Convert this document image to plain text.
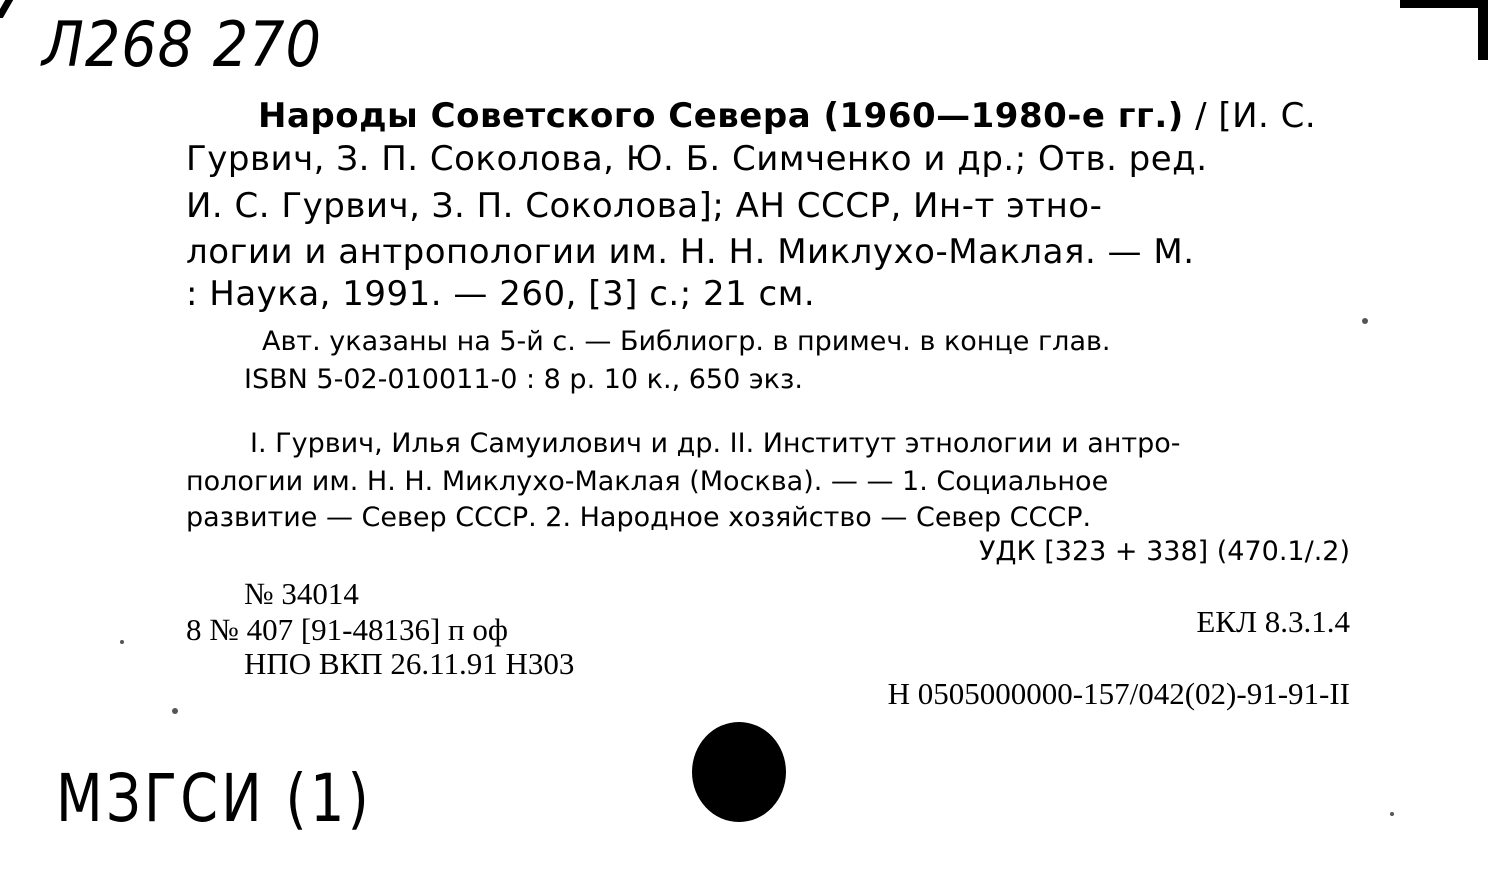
Л268 270
Народы Советского Севера (1960—1980-е гг.) / [И. С.
Гурвич, З. П. Соколова, Ю. Б. Симченко и др.; Отв. ред.
И. С. Гурвич, З. П. Соколова]; АН СССР, Ин-т этно-
логии и антропологии им. Н. Н. Миклухо-Маклая. — М.
: Наука, 1991. — 260, [3] с.; 21 см.
Авт. указаны на 5-й с. — Библиогр. в примеч. в конце глав.
ISBN 5-02-010011-0 : 8 р. 10 к., 650 экз.
I. Гурвич, Илья Самуилович и др. II. Институт этнологии и антро-
пологии им. Н. Н. Миклухо-Маклая (Москва). — — 1. Социальное
развитие — Север СССР. 2. Народное хозяйство — Север СССР.
УДК [323 + 338] (470.1/.2)
№ 34014
8 № 407 [91-48136] п оф	ЕКЛ 8.3.1.4
НПО ВКП 26.11.91 Н303
Н 0505000000-157/042(02)-91-91-II
МЗГСИ (1)
